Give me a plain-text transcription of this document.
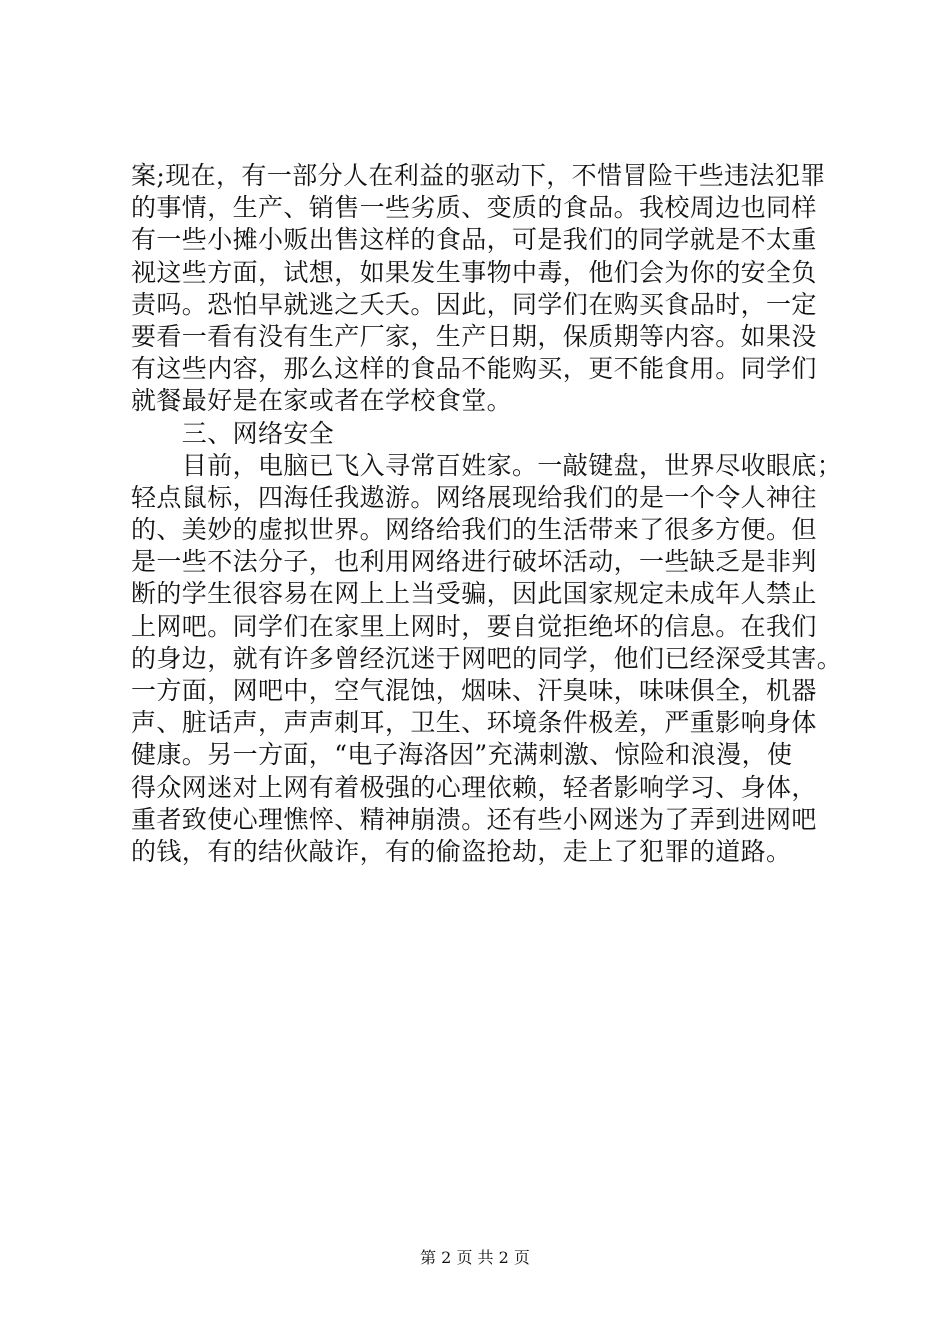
案;现在，有一部分人在利益的驱动下，不惜冒险干些违法犯罪
的事情，生产、销售一些劣质、变质的食品。我校周边也同样
有一些小摊小贩出售这样的食品，可是我们的同学就是不太重
视这些方面，试想，如果发生事物中毒，他们会为你的安全负
责吗。恐怕早就逃之夭夭。因此，同学们在购买食品时，一定
要看一看有没有生产厂家，生产日期，保质期等内容。如果没
有这些内容，那么这样的食品不能购买，更不能食用。同学们
就餐最好是在家或者在学校食堂。
　　三、网络安全
　　目前，电脑已飞入寻常百姓家。一敲键盘，世界尽收眼底；
轻点鼠标，四海任我遨游。网络展现给我们的是一个令人神往
的、美妙的虚拟世界。网络给我们的生活带来了很多方便。但
是一些不法分子，也利用网络进行破坏活动，一些缺乏是非判
断的学生很容易在网上上当受骗，因此国家规定未成年人禁止
上网吧。同学们在家里上网时，要自觉拒绝坏的信息。在我们
的身边，就有许多曾经沉迷于网吧的同学，他们已经深受其害。
一方面，网吧中，空气混蚀，烟味、汗臭味，味味俱全，机器
声、脏话声，声声刺耳，卫生、环境条件极差，严重影响身体
健康。另一方面，“电子海洛因”充满刺激、惊险和浪漫，使
得众网迷对上网有着极强的心理依赖，轻者影响学习、身体，
重者致使心理憔悴、精神崩溃。还有些小网迷为了弄到进网吧
的钱，有的结伙敲诈，有的偷盗抢劫，走上了犯罪的道路。
第 2 页 共 2 页
